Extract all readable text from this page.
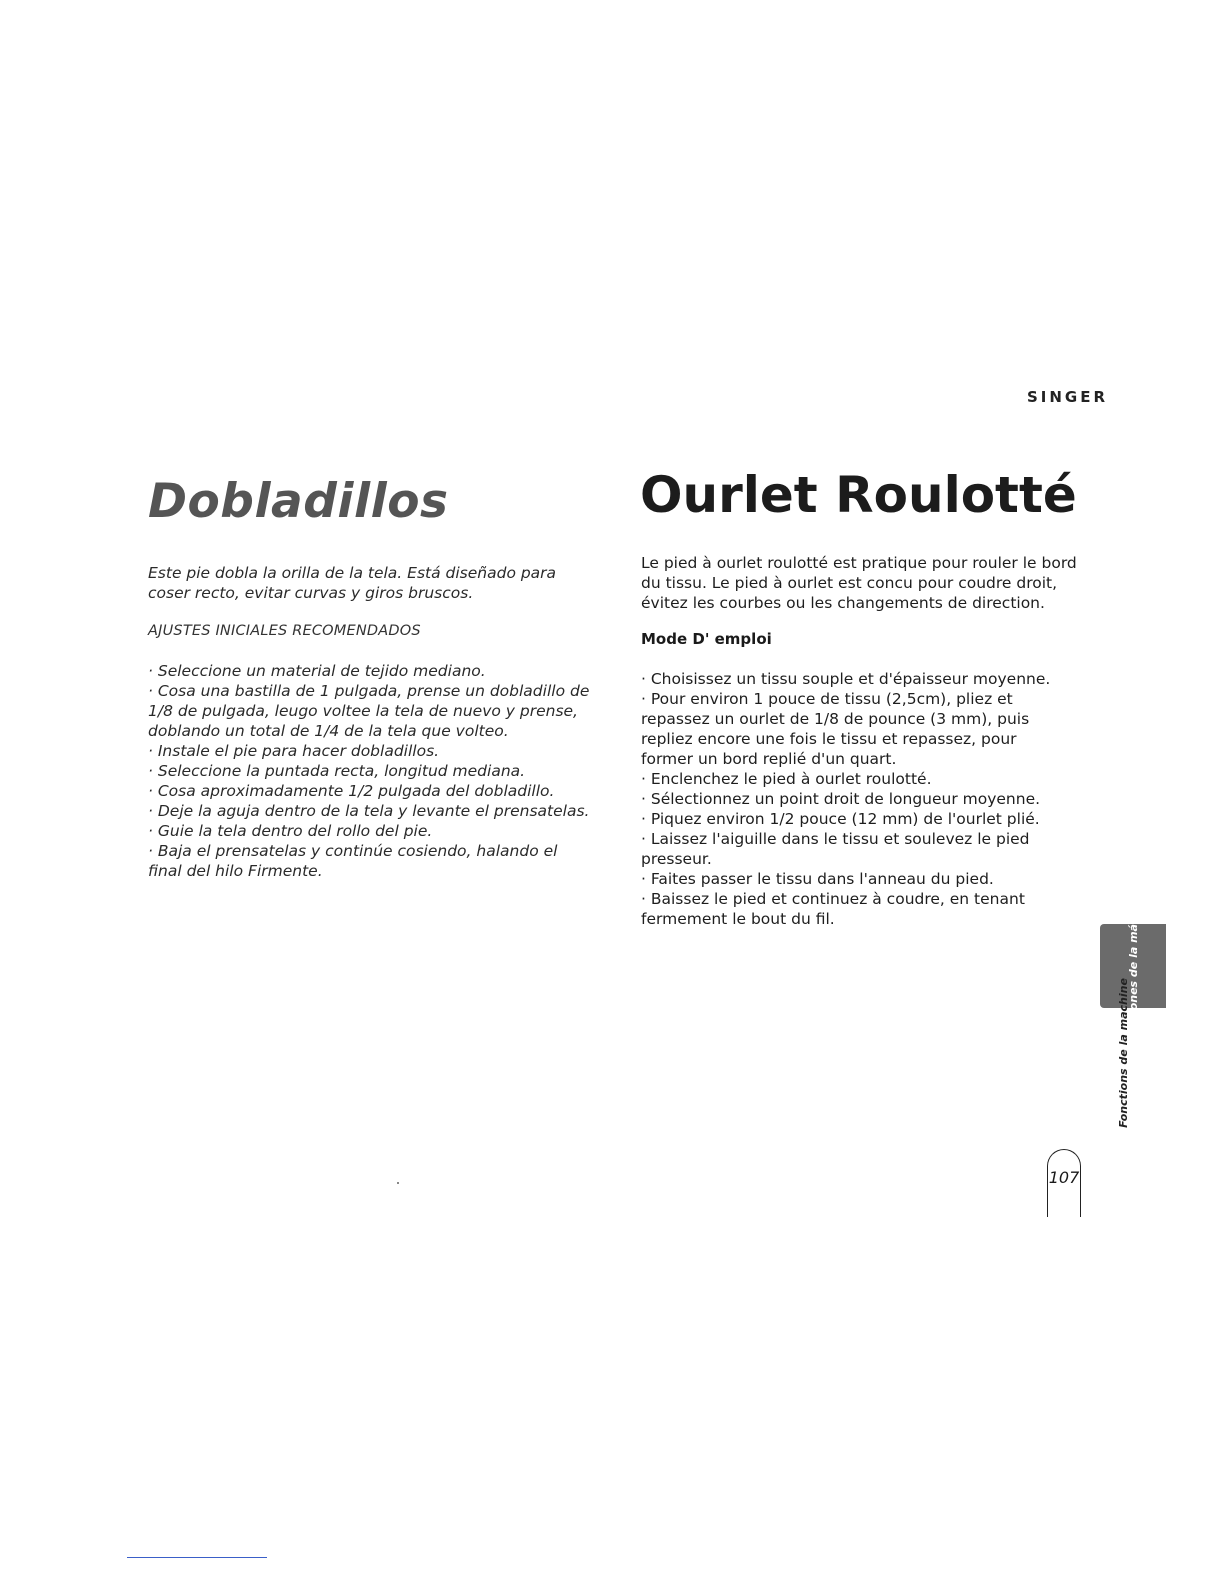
SINGER
Dobladillos	Ourlet Roulotté

Este pie dobla la orilla de la tela. Está diseñado para
coser recto, evitar curvas y giros bruscos.

AJUSTES INICIALES RECOMENDADOS

· Seleccione un material de tejido mediano.
· Cosa una bastilla de 1 pulgada, prense un dobladillo de
1/8 de pulgada, leugo voltee la tela de nuevo y prense,
doblando un total de 1/4 de la tela que volteo.
· Instale el pie para hacer dobladillos.
· Seleccione la puntada recta, longitud mediana.
· Cosa aproximadamente 1/2 pulgada del dobladillo.
· Deje la aguja dentro de la tela y levante el prensatelas.
· Guie la tela dentro del rollo del pie.
· Baja el prensatelas y continúe cosiendo, halando el
final del hilo Firmente.

Le pied à ourlet roulotté est pratique pour rouler le bord
du tissu. Le pied à ourlet est concu pour coudre droit,
évitez les courbes ou les changements de direction.

Mode D' emploi

· Choisissez un tissu souple et d'épaisseur moyenne.
· Pour environ 1 pouce de tissu (2,5cm), pliez et
repassez un ourlet de 1/8 de pounce (3 mm), puis
repliez encore une fois le tissu et repassez, pour
former un bord replié d'un quart.
· Enclenchez le pied à ourlet roulotté.
· Sélectionnez un point droit de longueur moyenne.
· Piquez environ 1/2 pouce (12 mm) de l'ourlet plié.
· Laissez l'aiguille dans le tissu et soulevez le pied
presseur.
· Faites passer le tissu dans l'anneau du pied.
· Baissez le pied et continuez à coudre, en tenant
fermement le bout du fil.	Funciones de la máquina
Fonctions de la machine
107
